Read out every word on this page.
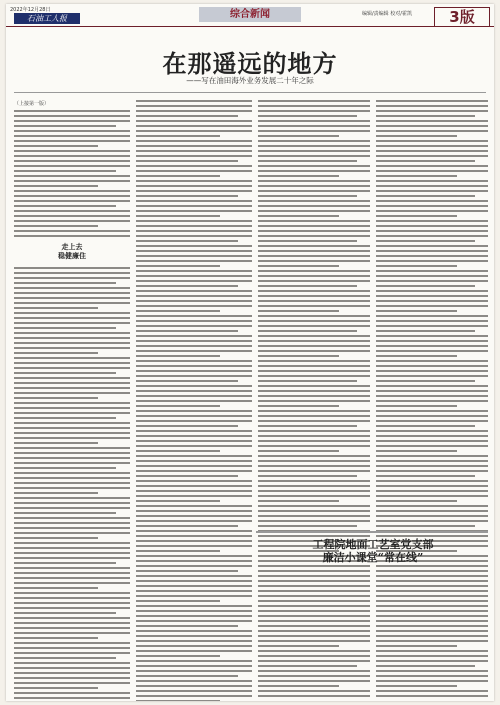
2022年12月28日
石油工人报	综合新闻	编辑/责编辑 校对/霍凯	3版
在那遥远的地方
——写在油田海外业务发展二十年之际
（上接第一版）
走上去
稳健廉住
工程院地面工艺室党支部
廉洁小课堂“常在线”
